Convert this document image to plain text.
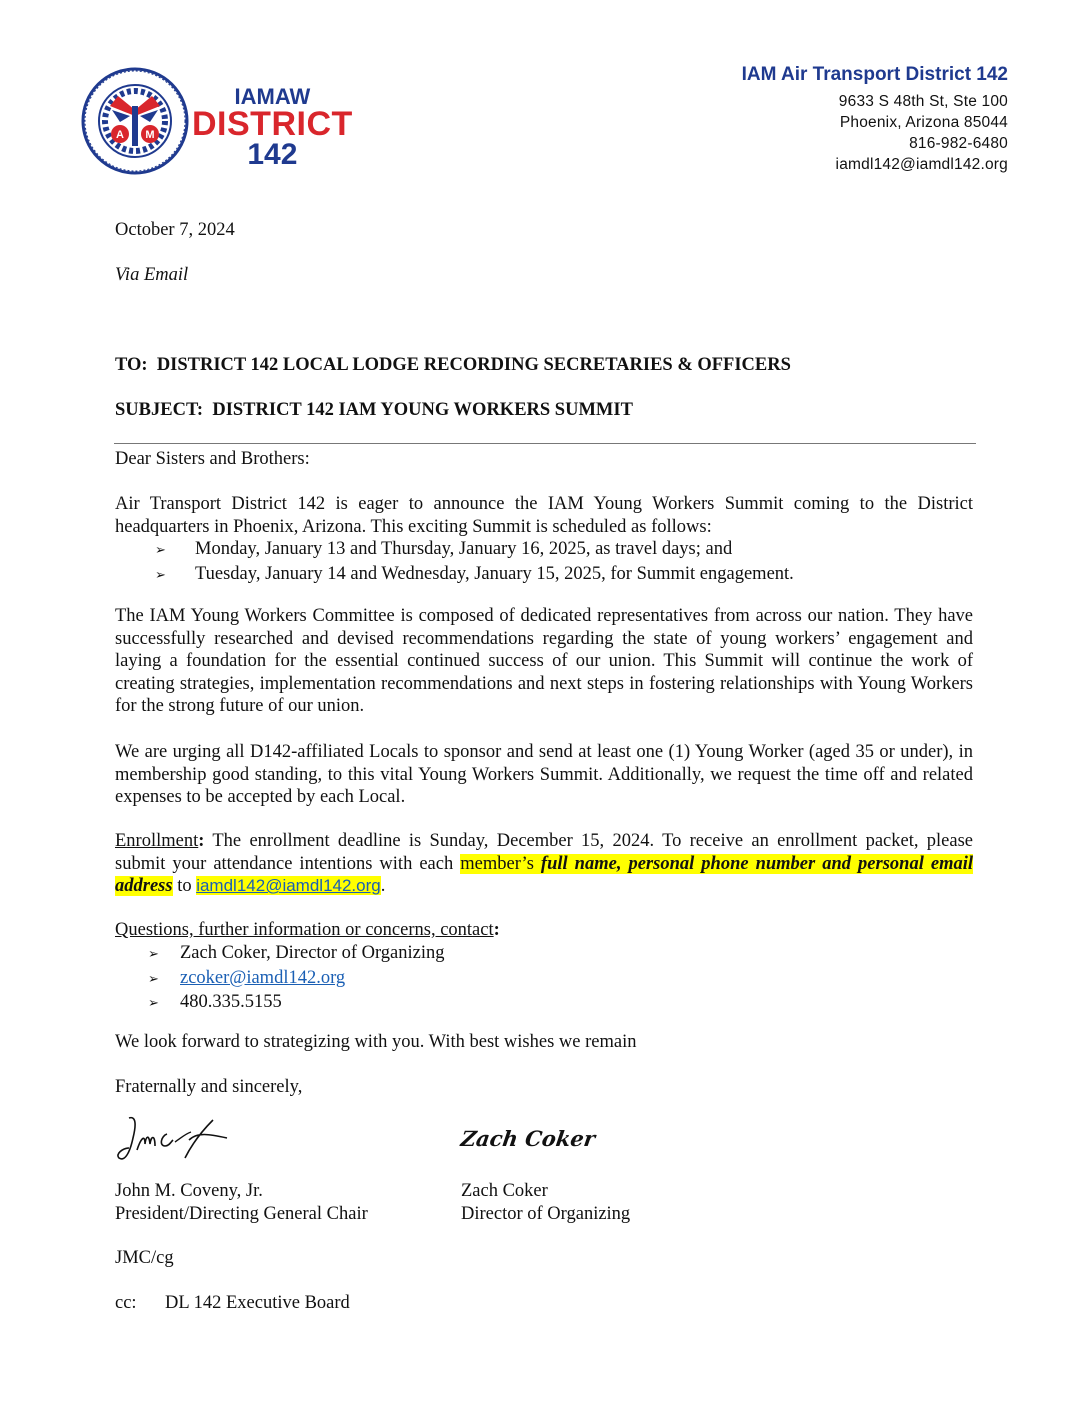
A M
IAMAW
DISTRICT
142
IAM Air Transport District 142
9633 S 48th St, Ste 100
Phoenix, Arizona 85044
816-982-6480
iamdl142@iamdl142.org
October 7, 2024
Via Email
TO: DISTRICT 142 LOCAL LODGE RECORDING SECRETARIES & OFFICERS
SUBJECT: DISTRICT 142 IAM YOUNG WORKERS SUMMIT
Dear Sisters and Brothers:
Air Transport District 142 is eager to announce the IAM Young Workers Summit coming to the District headquarters in Phoenix, Arizona. This exciting Summit is scheduled as follows:
➢	Monday, January 13 and Thursday, January 16, 2025, as travel days; and
➢	Tuesday, January 14 and Wednesday, January 15, 2025, for Summit engagement.
The IAM Young Workers Committee is composed of dedicated representatives from across our nation. They have successfully researched and devised recommendations regarding the state of young workers’ engagement and laying a foundation for the essential continued success of our union. This Summit will continue the work of creating strategies, implementation recommendations and next steps in fostering relationships with Young Workers for the strong future of our union.
We are urging all D142-affiliated Locals to sponsor and send at least one (1) Young Worker (aged 35 or under), in membership good standing, to this vital Young Workers Summit. Additionally, we request the time off and related expenses to be accepted by each Local.
Enrollment: The enrollment deadline is Sunday, December 15, 2024. To receive an enrollment packet, please submit your attendance intentions with each member’s full name, personal phone number and personal email address to iamdl142@iamdl142.org.
Questions, further information or concerns, contact:
➢	Zach Coker, Director of Organizing
➢	zcoker@iamdl142.org
➢	480.335.5155
We look forward to strategizing with you. With best wishes we remain
Fraternally and sincerely,
Zach Coker
John M. Coveny, Jr.
President/Directing General Chair
Zach Coker
Director of Organizing
JMC/cg
cc: DL 142 Executive Board
